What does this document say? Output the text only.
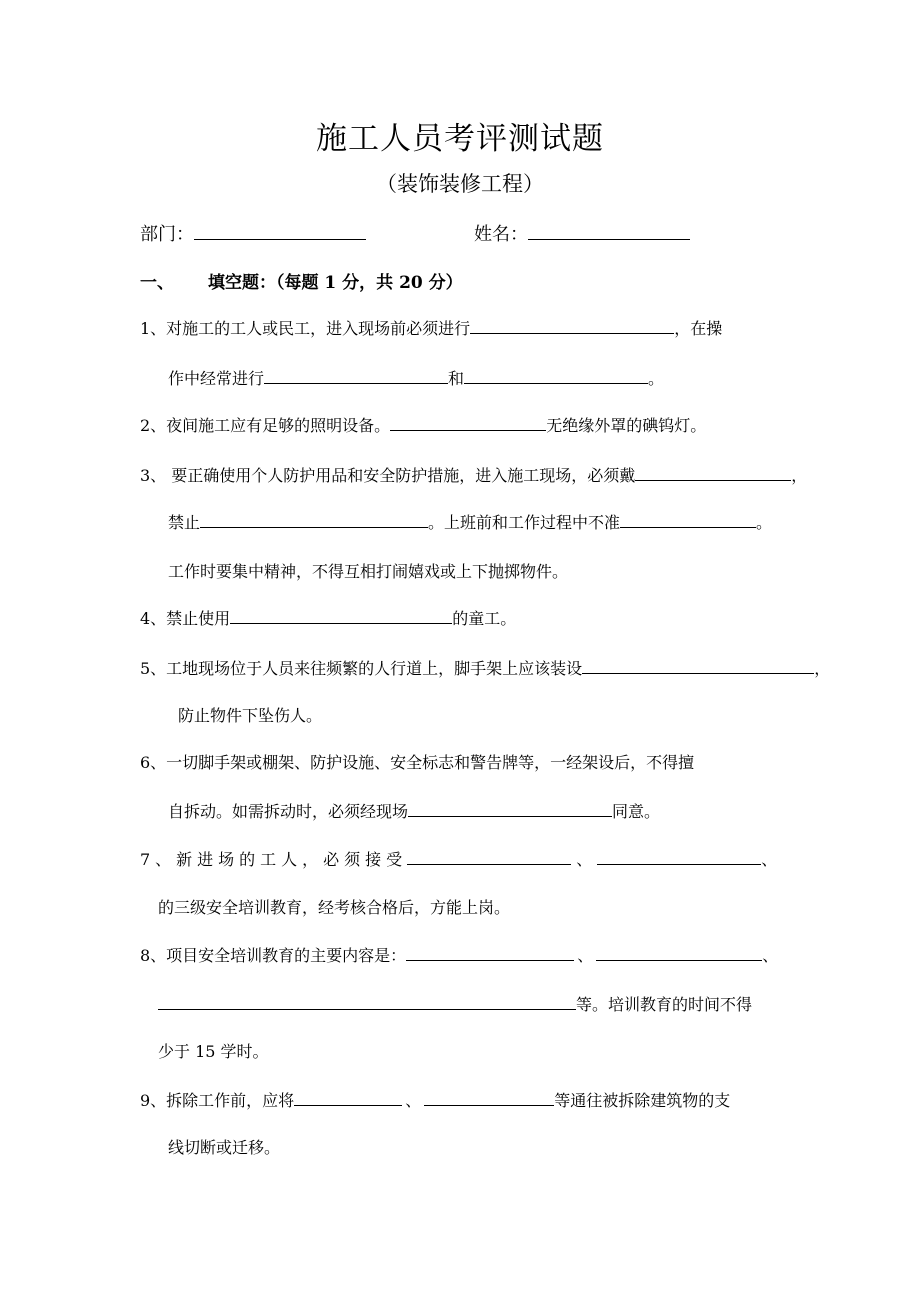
施工人员考评测试题
（装饰装修工程）
部门：	姓名：
一、 填空题：（每题 1 分，共 20 分）
1、对施工的工人或民工，进入现场前必须进行	，在操
作中经常进行	和	。
2、夜间施工应有足够的照明设备。	无绝缘外罩的碘钨灯。
3、 要正确使用个人防护用品和安全防护措施，进入施工现场，必须戴	，
禁止	。上班前和工作过程中不准	。
工作时要集中精神，不得互相打闹嬉戏或上下抛掷物件。
4、禁止使用	的童工。
5、工地现场位于人员来往频繁的人行道上，脚手架上应该装设	，
防止物件下坠伤人。
6、一切脚手架或棚架、防护设施、安全标志和警告牌等，一经架设后，不得擅
自拆动。如需拆动时，必须经现场	同意。
7、新进场的工人，必须接受	、	、
的三级安全培训教育，经考核合格后，方能上岗。
8、项目安全培训教育的主要内容是：	、	、
等。培训教育的时间不得
少于 15 学时。
9、拆除工作前，应将	、	等通往被拆除建筑物的支
线切断或迁移。
